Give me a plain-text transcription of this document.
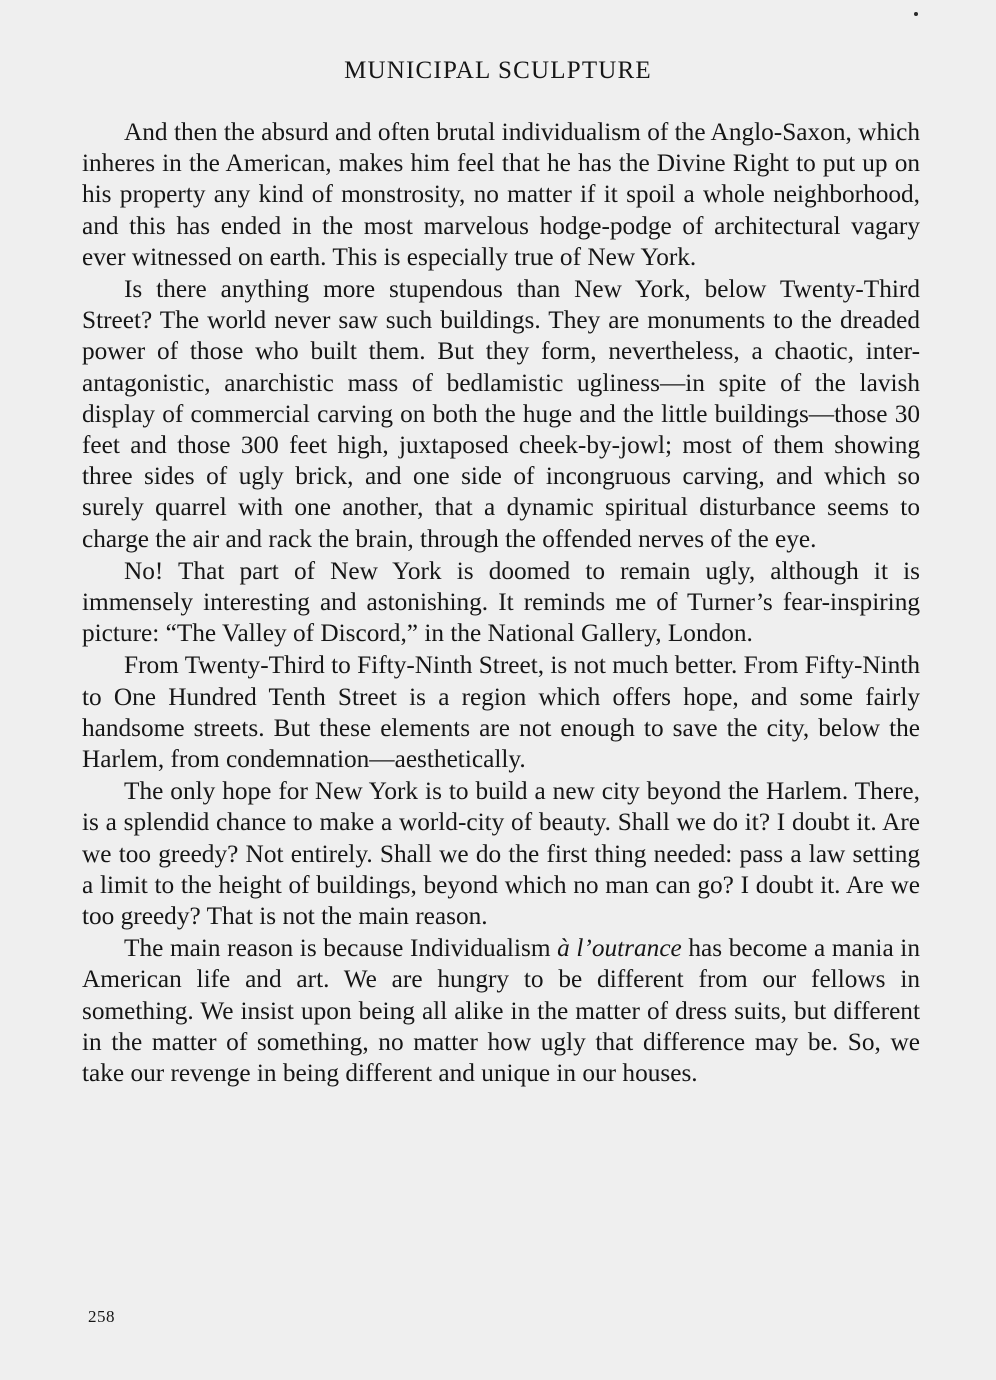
MUNICIPAL SCULPTURE

And then the absurd and often brutal individualism of the Anglo-Saxon, which inheres in the American, makes him feel that he has the Divine Right to put up on his property any kind of monstrosity, no matter if it spoil a whole neighborhood, and this has ended in the most marvelous hodge-podge of architectural vagary ever witnessed on earth. This is especially true of New York.

Is there anything more stupendous than New York, below Twenty-Third Street? The world never saw such buildings. They are monuments to the dreaded power of those who built them. But they form, nevertheless, a chaotic, inter-antagonistic, anarchistic mass of bedlamistic ugliness—in spite of the lavish display of commercial carving on both the huge and the little buildings—those 30 feet and those 300 feet high, juxtaposed cheek-by-jowl; most of them showing three sides of ugly brick, and one side of incongruous carving, and which so surely quarrel with one another, that a dynamic spiritual disturbance seems to charge the air and rack the brain, through the offended nerves of the eye.

No! That part of New York is doomed to remain ugly, although it is immensely interesting and astonishing. It reminds me of Turner’s fear-inspiring picture: “The Valley of Discord,” in the National Gallery, London.

From Twenty-Third to Fifty-Ninth Street, is not much better. From Fifty-Ninth to One Hundred Tenth Street is a region which offers hope, and some fairly handsome streets. But these elements are not enough to save the city, below the Harlem, from condemnation—aesthetically.

The only hope for New York is to build a new city beyond the Harlem. There, is a splendid chance to make a world-city of beauty. Shall we do it? I doubt it. Are we too greedy? Not entirely. Shall we do the first thing needed: pass a law setting a limit to the height of buildings, beyond which no man can go? I doubt it. Are we too greedy? That is not the main reason.

The main reason is because Individualism à l’outrance has become a mania in American life and art. We are hungry to be different from our fellows in something. We insist upon being all alike in the matter of dress suits, but different in the matter of something, no matter how ugly that difference may be. So, we take our revenge in being different and unique in our houses.

258
